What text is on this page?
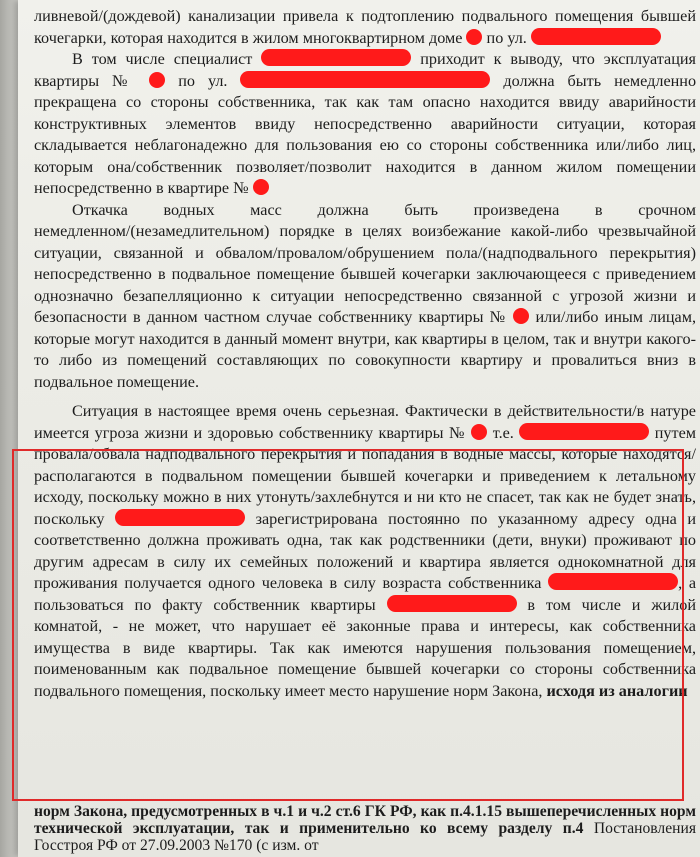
ливневой/(дождевой) канализации привела к подтоплению подвального помещения бывшей кочегарки, которая находится в жилом многоквартирном доме по ул.

В том числе специалист	приходит к выводу, что эксплуатация квартиры №	по ул.	должна быть немедленно прекращена со стороны собственника, так как там опасно находится ввиду аварийности конструктивных элементов ввиду непосредственно аварийности ситуации, которая складывается неблагонадежно для пользования ею со стороны собственника или/либо лиц, которым она/собственник позволяет/позволит находится в данном жилом помещении непосредственно в квартире №

Откачка водных масс должна быть произведена в срочном немедленном/(незамедлительном) порядке в целях воизбежание какой-либо чрезвычайной ситуации, связанной и обвалом/провалом/обрушением пола/(надподвального перекрытия) непосредственно в подвальное помещение бывшей кочегарки заключающееся с приведением однозначно безапелляционно к ситуации непосредственно связанной с угрозой жизни и безопасности в данном частном случае собственнику квартиры № или/либо иным лицам, которые могут находится в данный момент внутри, как квартиры в целом, так и внутри какого-то либо из помещений составляющих по совокупности квартиру и провалиться вниз в подвальное помещение.

Ситуация в настоящее время очень серьезная. Фактически в действительности/в натуре имеется угроза жизни и здоровью собственнику квартиры № т.е.	путем провала/обвала надподвального перекрытия и попадания в водные массы, которые находятся/располагаются в подвальном помещении бывшей кочегарки и приведением к летальному исходу, поскольку можно в них утонуть/захлебнутся и ни кто не спасет, так как не будет знать, поскольку	зарегистрирована постоянно по указанному адресу одна и соответственно должна проживать одна, так как родственники (дети, внуки) проживают по другим адресам в силу их семейных положений и квартира является однокомнатной для проживания получается одного человека в силу возраста собственника	, а пользоваться по факту собственник квартиры	в том числе и жилой комнатой, - не может, что нарушает её законные права и интересы, как собственника имущества в виде квартиры. Так как имеются нарушения пользования помещением, поименованным как подвальное помещение бывшей кочегарки со стороны собственника подвального помещения, поскольку имеет место нарушение норм Закона, исходя из аналогии

норм Закона, предусмотренных в ч.1 и ч.2 ст.6 ГК РФ, как п.4.1.15 вышеперечисленных норм технической эксплуатации, так и применительно ко всему разделу п.4 Постановления Госстроя РФ от 27.09.2003 №170 (с изм. от
